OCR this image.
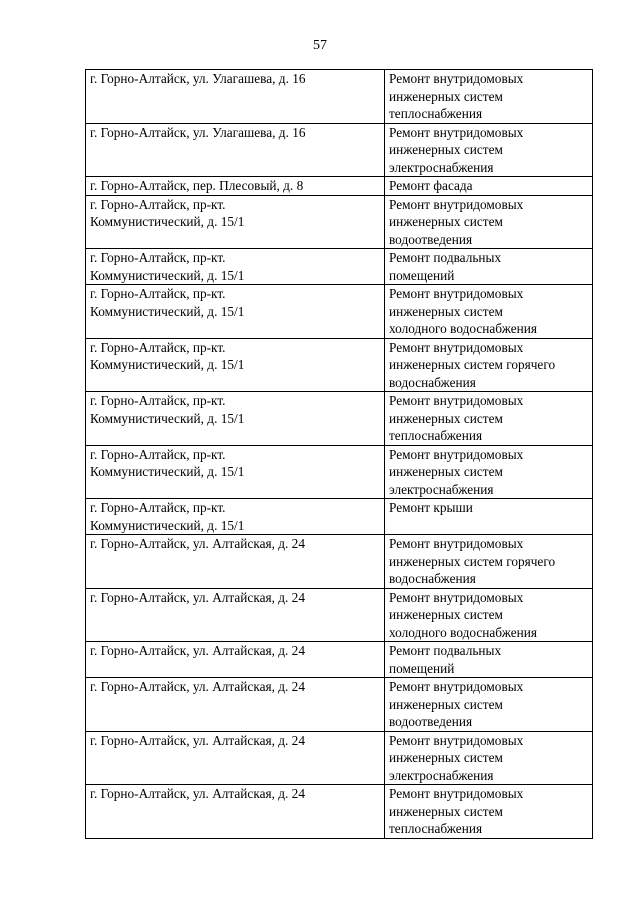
57
г. Горно-Алтайск, ул. Улагашева, д. 16	Ремонт внутридомовых
инженерных систем
теплоснабжения
г. Горно-Алтайск, ул. Улагашева, д. 16	Ремонт внутридомовых
инженерных систем
электроснабжения
г. Горно-Алтайск, пер. Плесовый, д. 8	Ремонт фасада
г. Горно-Алтайск, пр-кт.
Коммунистический, д. 15/1	Ремонт внутридомовых
инженерных систем
водоотведения
г. Горно-Алтайск, пр-кт.
Коммунистический, д. 15/1	Ремонт подвальных
помещений
г. Горно-Алтайск, пр-кт.
Коммунистический, д. 15/1	Ремонт внутридомовых
инженерных систем
холодного водоснабжения
г. Горно-Алтайск, пр-кт.
Коммунистический, д. 15/1	Ремонт внутридомовых
инженерных систем горячего
водоснабжения
г. Горно-Алтайск, пр-кт.
Коммунистический, д. 15/1	Ремонт внутридомовых
инженерных систем
теплоснабжения
г. Горно-Алтайск, пр-кт.
Коммунистический, д. 15/1	Ремонт внутридомовых
инженерных систем
электроснабжения
г. Горно-Алтайск, пр-кт.
Коммунистический, д. 15/1	Ремонт крыши
г. Горно-Алтайск, ул. Алтайская, д. 24	Ремонт внутридомовых
инженерных систем горячего
водоснабжения
г. Горно-Алтайск, ул. Алтайская, д. 24	Ремонт внутридомовых
инженерных систем
холодного водоснабжения
г. Горно-Алтайск, ул. Алтайская, д. 24	Ремонт подвальных
помещений
г. Горно-Алтайск, ул. Алтайская, д. 24	Ремонт внутридомовых
инженерных систем
водоотведения
г. Горно-Алтайск, ул. Алтайская, д. 24	Ремонт внутридомовых
инженерных систем
электроснабжения
г. Горно-Алтайск, ул. Алтайская, д. 24	Ремонт внутридомовых
инженерных систем
теплоснабжения
